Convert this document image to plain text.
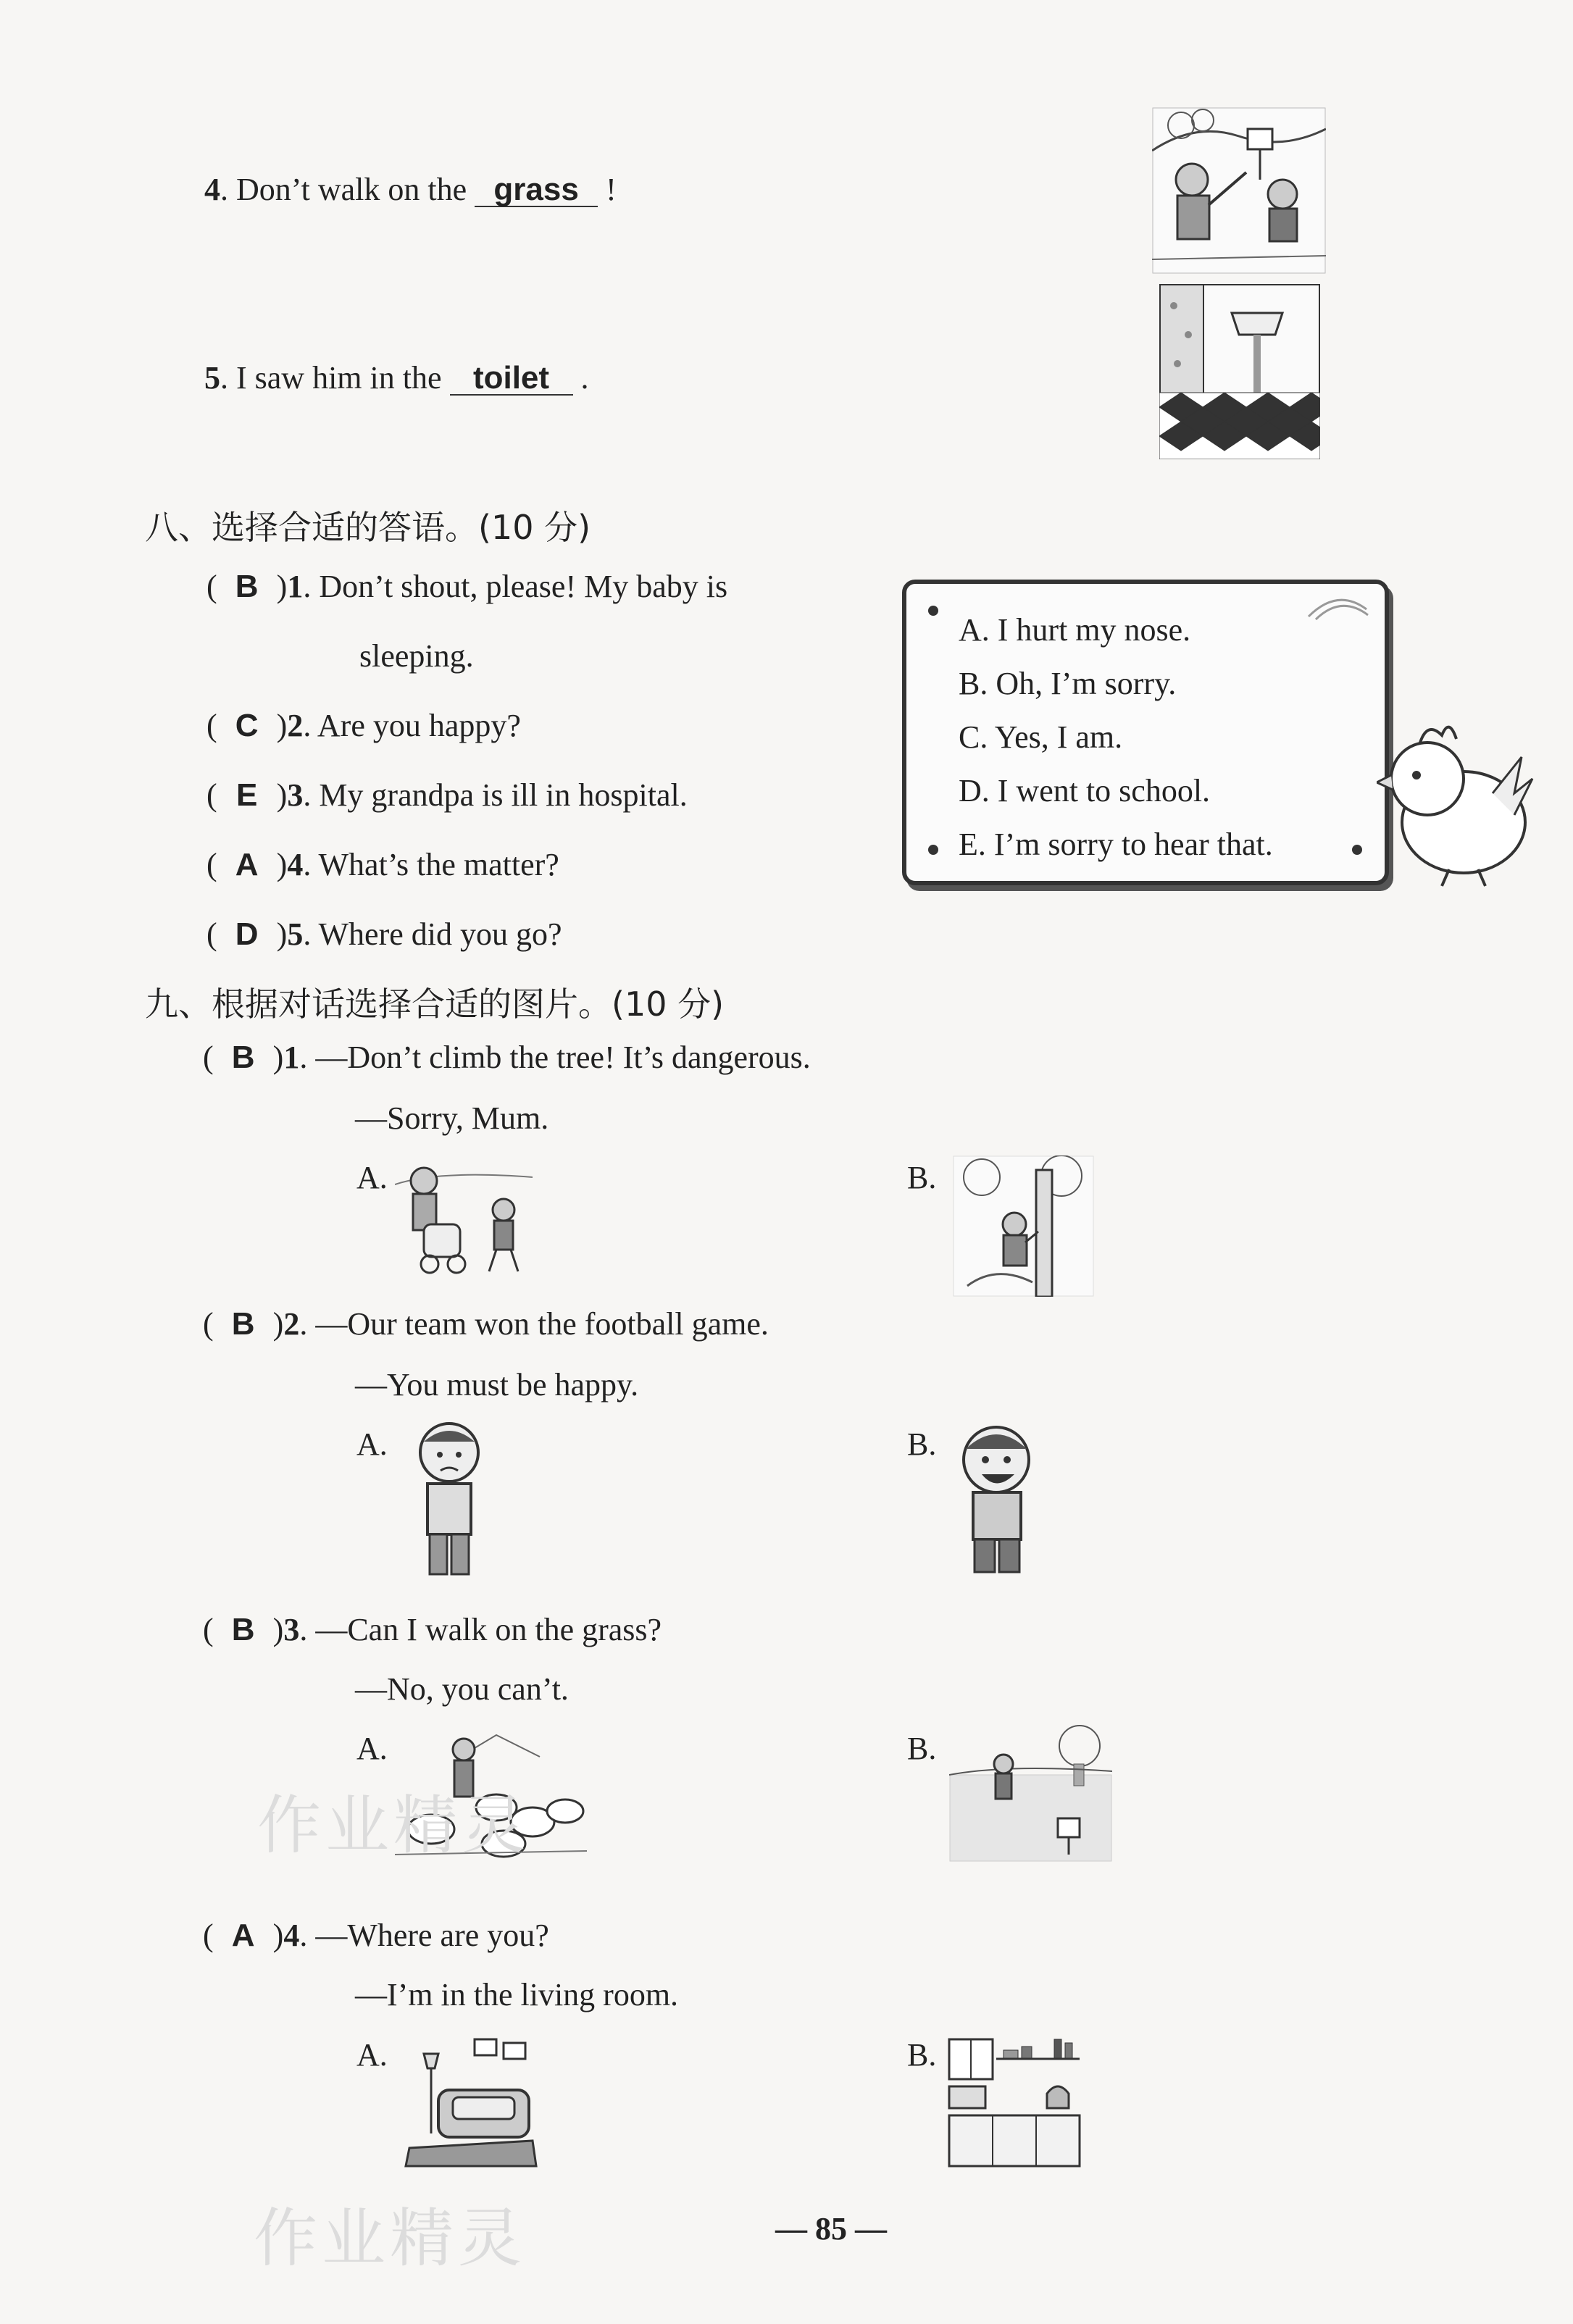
4. Don’t walk on the grass !
5. I saw him in the toilet .
八、选择合适的答语。(10 分)
( B )1. Don’t shout, please! My baby is
sleeping.
( C )2. Are you happy?
( E )3. My grandpa is ill in hospital.
( A )4. What’s the matter?
( D )5. Where did you go?
A. I hurt my nose.
B. Oh, I’m sorry.
C. Yes, I am.
D. I went to school.
E. I’m sorry to hear that.
九、根据对话选择合适的图片。(10 分)
( B )1. —Don’t climb the tree! It’s dangerous.
—Sorry, Mum.
A.	B.
( B )2. —Our team won the football game.
—You must be happy.
A.	B.
( B )3. —Can I walk on the grass?
—No, you can’t.
A.	B.
( A )4. —Where are you?
—I’m in the living room.
A.	B.
作业精灵
作业精灵	— 85 —
